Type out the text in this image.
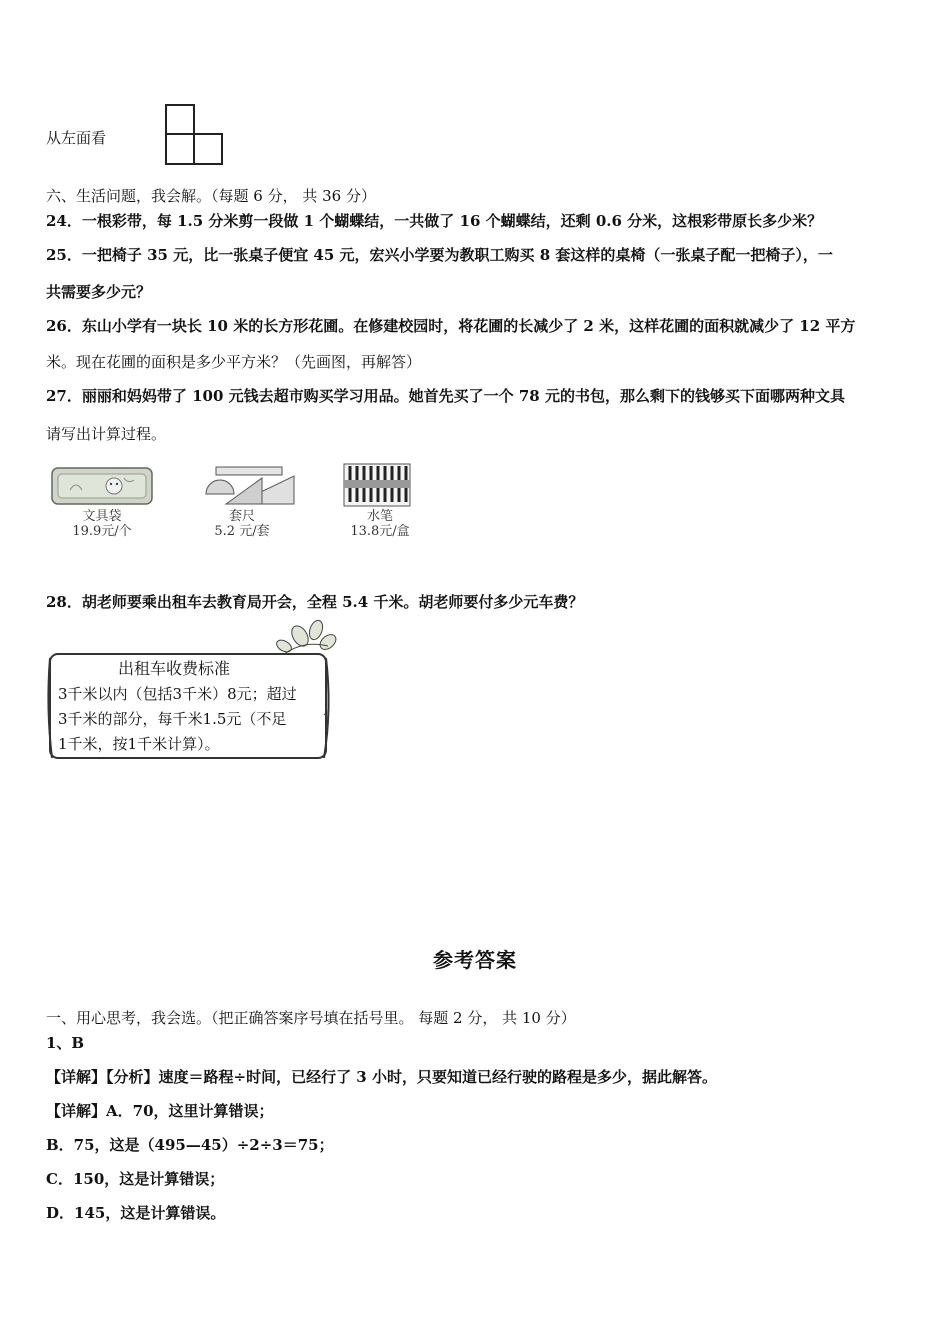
从左面看
六、生活问题，我会解。（每题 6 分， 共 36 分）
24．一根彩带，每 1.5 分米剪一段做 1 个蝴蝶结，一共做了 16 个蝴蝶结，还剩 0.6 分米，这根彩带原长多少米？
25．一把椅子 35 元，比一张桌子便宜 45 元，宏兴小学要为教职工购买 8 套这样的桌椅（一张桌子配一把椅子），一
共需要多少元？
26．东山小学有一块长 10 米的长方形花圃。在修建校园时，将花圃的长减少了 2 米，这样花圃的面积就减少了 12 平方
米。现在花圃的面积是多少平方米？（先画图，再解答）
27．丽丽和妈妈带了 100 元钱去超市购买学习用品。她首先买了一个 78 元的书包，那么剩下的钱够买下面哪两种文具
请写出计算过程。
文具袋
19.9元/个
套尺
5.2 元/套
水笔
13.8元/盒
28．胡老师要乘出租车去教育局开会，全程 5.4 千米。胡老师要付多少元车费？
出租车收费标准
3千米以内（包括3千米）8元；超过
3千米的部分，每千米1.5元（不足
1千米，按1千米计算）。
参考答案
一、用心思考，我会选。（把正确答案序号填在括号里。 每题 2 分， 共 10 分）
1、B
【详解】【分析】速度＝路程÷时间，已经行了 3 小时，只要知道已经行驶的路程是多少，据此解答。
【详解】A．70，这里计算错误；
B．75，这是（495—45）÷2÷3＝75；
C．150，这是计算错误；
D．145，这是计算错误。
